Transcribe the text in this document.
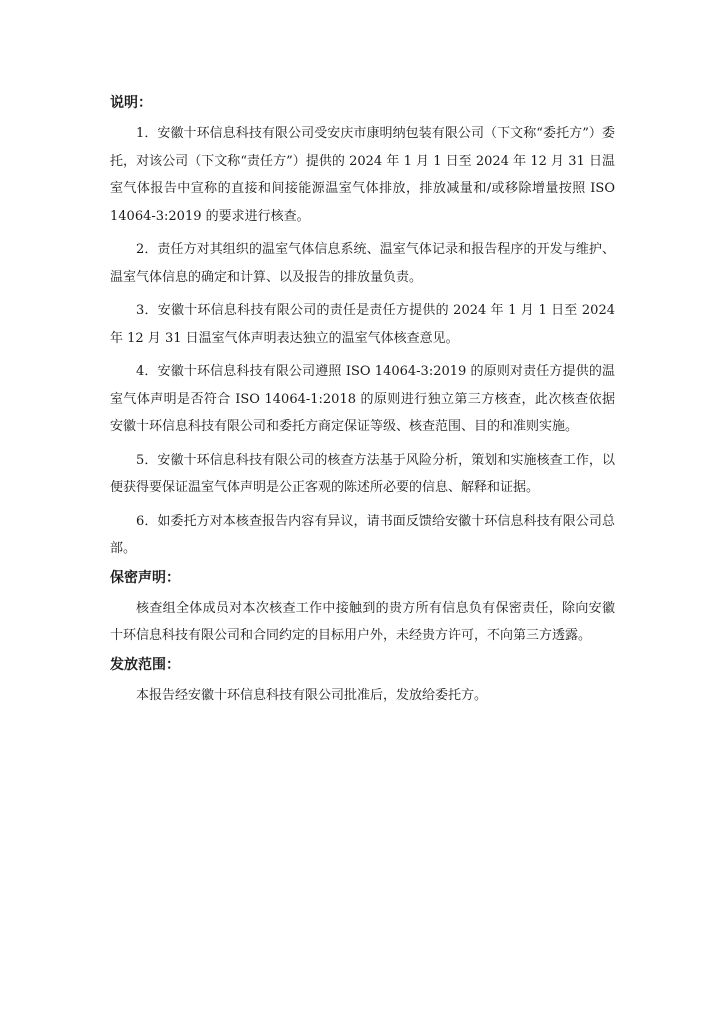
说明：
1．安徽十环信息科技有限公司受安庆市康明纳包装有限公司（下文称“委托方”）委托，对该公司（下文称“责任方”）提供的 2024 年 1 月 1 日至 2024 年 12 月 31 日温室气体报告中宣称的直接和间接能源温室气体排放，排放减量和/或移除增量按照 ISO 14064-3:2019 的要求进行核查。
2．责任方对其组织的温室气体信息系统、温室气体记录和报告程序的开发与维护、温室气体信息的确定和计算、以及报告的排放量负责。
3．安徽十环信息科技有限公司的责任是责任方提供的 2024 年 1 月 1 日至 2024 年 12 月 31 日温室气体声明表达独立的温室气体核查意见。
4．安徽十环信息科技有限公司遵照 ISO 14064-3:2019 的原则对责任方提供的温室气体声明是否符合 ISO 14064-1:2018 的原则进行独立第三方核查，此次核查依据安徽十环信息科技有限公司和委托方商定保证等级、核查范围、目的和准则实施。
5．安徽十环信息科技有限公司的核查方法基于风险分析，策划和实施核查工作，以便获得要保证温室气体声明是公正客观的陈述所必要的信息、解释和证据。
6．如委托方对本核查报告内容有异议，请书面反馈给安徽十环信息科技有限公司总部。
保密声明：

核查组全体成员对本次核查工作中接触到的贵方所有信息负有保密责任，除向安徽十环信息科技有限公司和合同约定的目标用户外，未经贵方许可，不向第三方透露。

发放范围：

本报告经安徽十环信息科技有限公司批准后，发放给委托方。
